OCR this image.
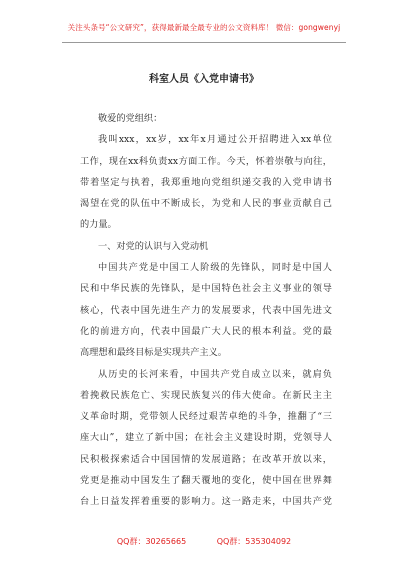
关注头条号“公文研究”，获得最新最全最专业的公文资料库！ 微信：gongwenyj
科室人员《入党申请书》
敬爱的党组织：
我叫xxx，xx岁，xx年x月通过公开招聘进入xx单位
工作，现在xx科负责xx方面工作。今天，怀着崇敬与向往，
带着坚定与执着，我郑重地向党组织递交我的入党申请书
渴望在党的队伍中不断成长，为党和人民的事业贡献自己
的力量。
一、对党的认识与入党动机
中国共产党是中国工人阶级的先锋队，同时是中国人
民和中华民族的先锋队，是中国特色社会主义事业的领导
核心，代表中国先进生产力的发展要求，代表中国先进文
化的前进方向，代表中国最广大人民的根本利益。党的最
高理想和最终目标是实现共产主义。
从历史的长河来看，中国共产党自成立以来，就肩负
着挽救民族危亡、实现民族复兴的伟大使命。在新民主主
义革命时期，党带领人民经过艰苦卓绝的斗争，推翻了“三
座大山”，建立了新中国；在社会主义建设时期，党领导人
民积极探索适合中国国情的发展道路；在改革开放以来，
党更是推动中国发生了翻天覆地的变化，使中国在世界舞
台上日益发挥着重要的影响力。这一路走来，中国共产党
QQ群：30265665	QQ群：535304092
